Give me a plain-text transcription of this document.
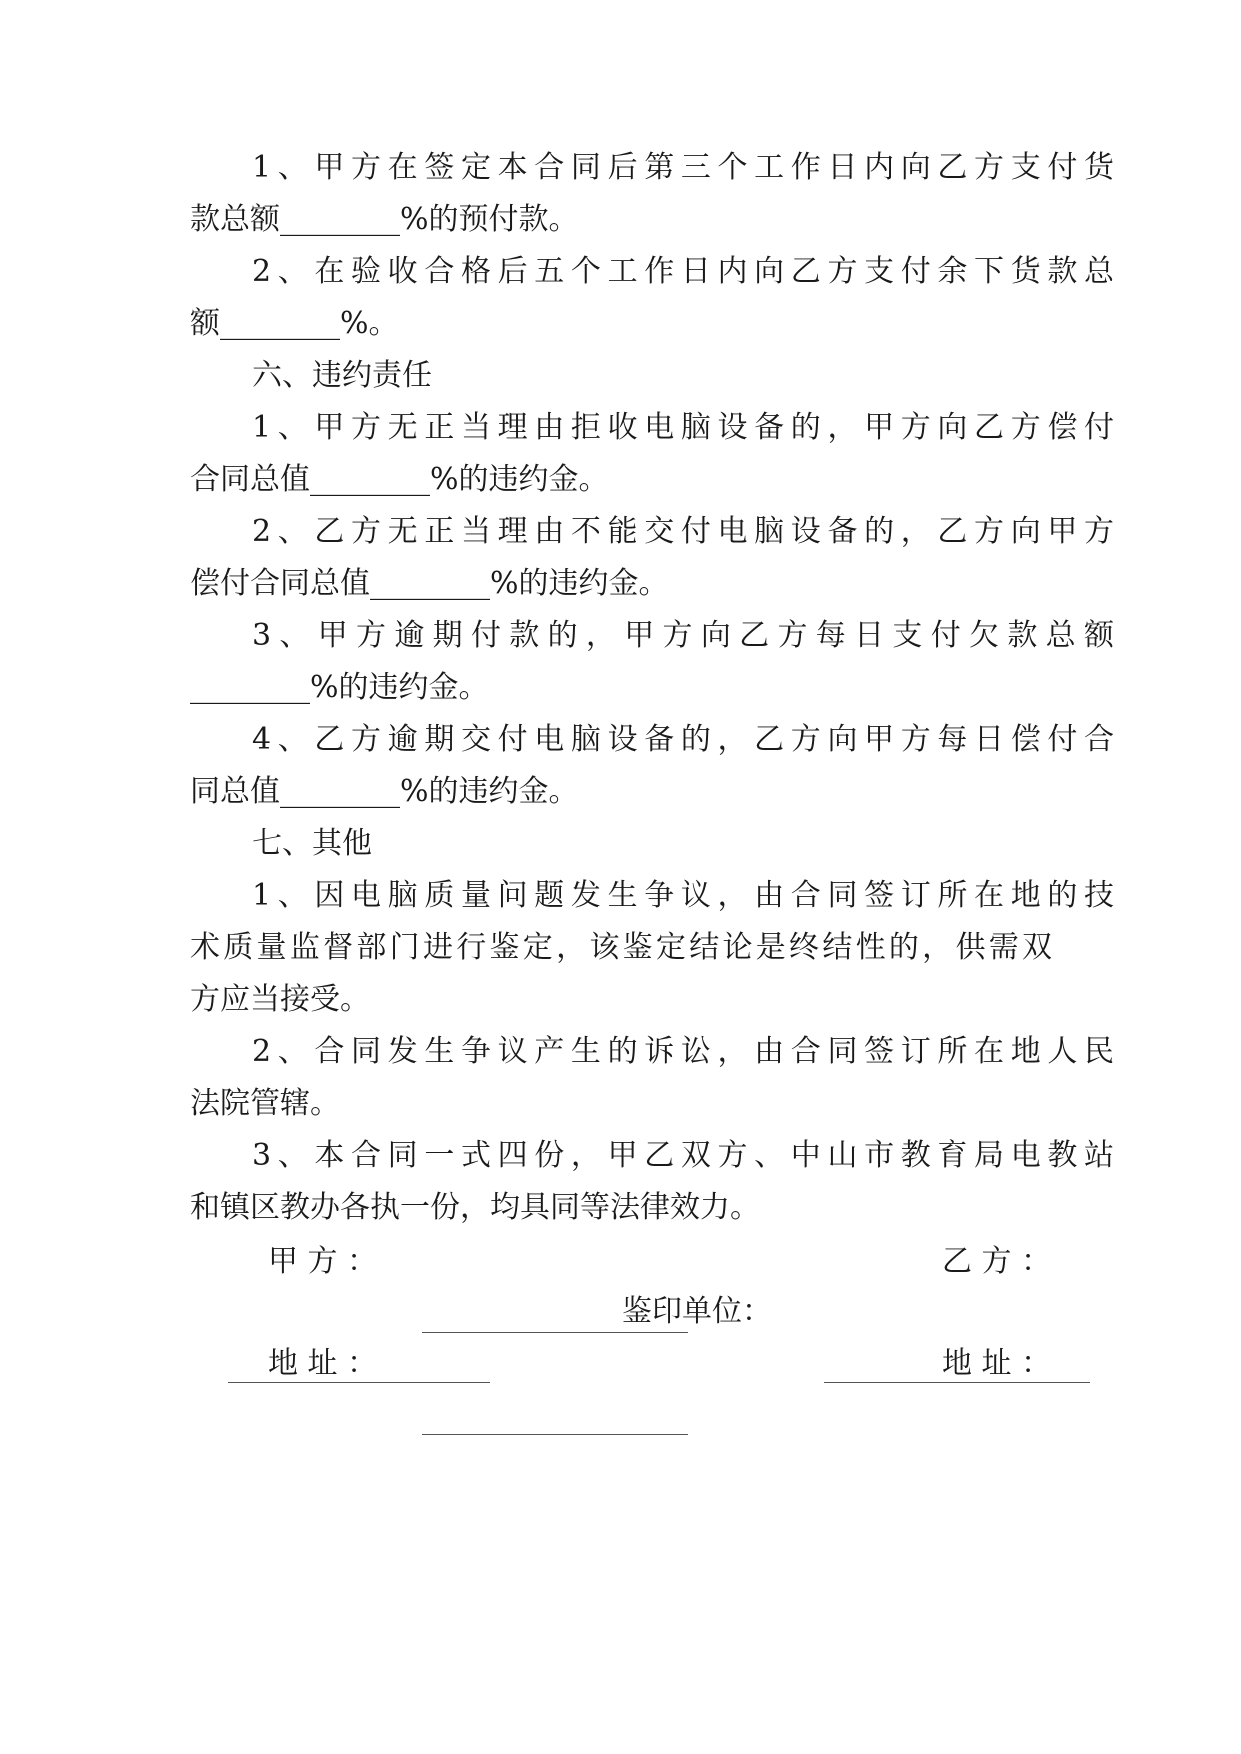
1、甲方在签定本合同后第三个工作日内向乙方支付货
款总额________%的预付款。
2、在验收合格后五个工作日内向乙方支付余下货款总
额________%。
六、违约责任
1、甲方无正当理由拒收电脑设备的，甲方向乙方偿付
合同总值________%的违约金。
2、乙方无正当理由不能交付电脑设备的，乙方向甲方
偿付合同总值________%的违约金。
3、甲方逾期付款的，甲方向乙方每日支付欠款总额
________%的违约金。
4、乙方逾期交付电脑设备的，乙方向甲方每日偿付合
同总值________%的违约金。
七、其他
1、因电脑质量问题发生争议，由合同签订所在地的技
术质量监督部门进行鉴定，该鉴定结论是终结性的，供需双
方应当接受。
2、合同发生争议产生的诉讼，由合同签订所在地人民
法院管辖。
3、本合同一式四份，甲乙双方、中山市教育局电教站
和镇区教办各执一份，均具同等法律效力。
甲 方 ：

	乙 方 ：

鉴印单位：

地 址 ：

	地 址 ：
